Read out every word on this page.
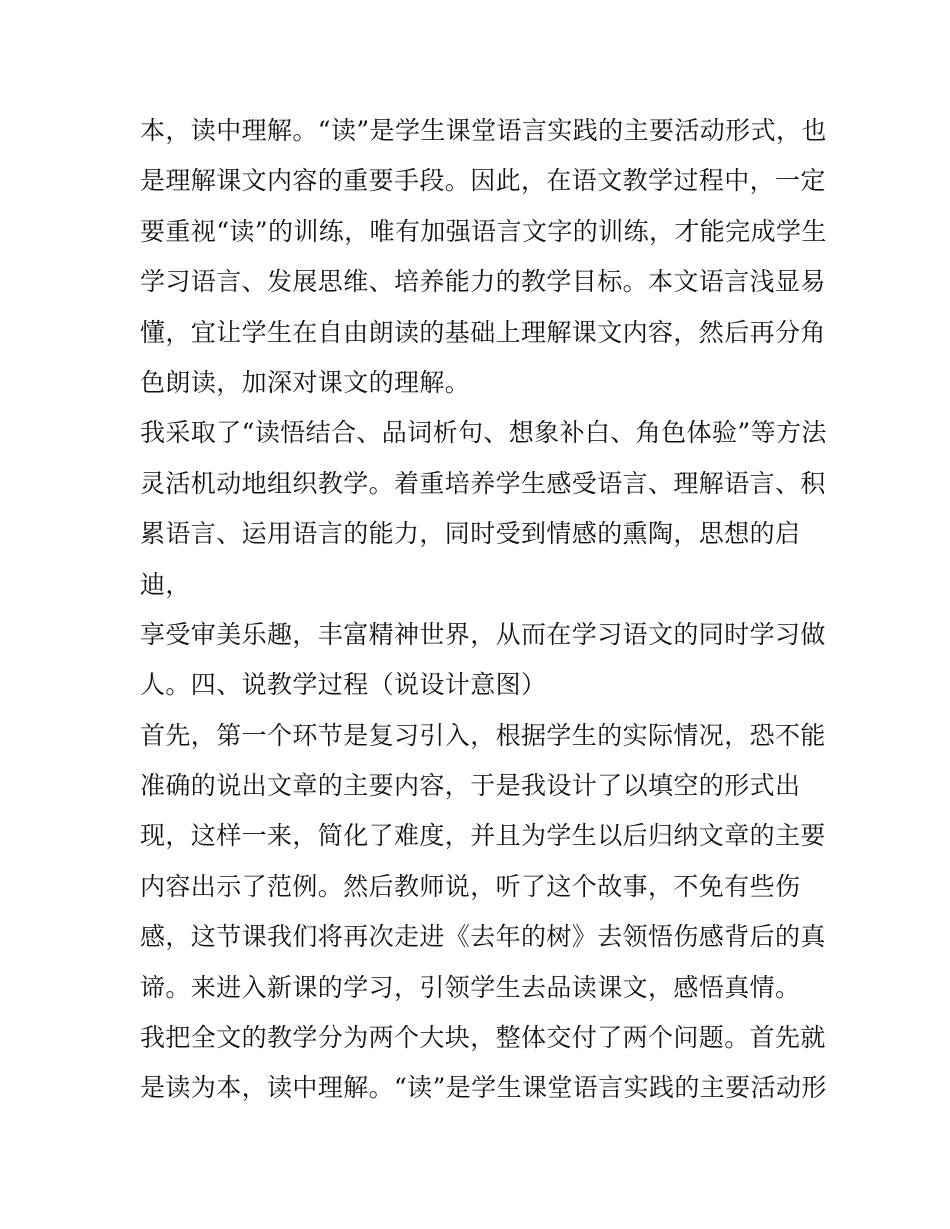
本，读中理解。“读”是学生课堂语言实践的主要活动形式，也
是理解课文内容的重要手段。因此，在语文教学过程中，一定
要重视“读”的训练，唯有加强语言文字的训练，才能完成学生
学习语言、发展思维、培养能力的教学目标。本文语言浅显易
懂，宜让学生在自由朗读的基础上理解课文内容，然后再分角
色朗读，加深对课文的理解。
我采取了“读悟结合、品词析句、想象补白、角色体验”等方法
灵活机动地组织教学。着重培养学生感受语言、理解语言、积
累语言、运用语言的能力，同时受到情感的熏陶，思想的启
迪，
享受审美乐趣，丰富精神世界，从而在学习语文的同时学习做
人。四、说教学过程（说设计意图）
首先，第一个环节是复习引入，根据学生的实际情况，恐不能
准确的说出文章的主要内容，于是我设计了以填空的形式出
现，这样一来，简化了难度，并且为学生以后归纳文章的主要
内容出示了范例。然后教师说，听了这个故事，不免有些伤
感，这节课我们将再次走进《去年的树》去领悟伤感背后的真
谛。来进入新课的学习，引领学生去品读课文，感悟真情。
我把全文的教学分为两个大块，整体交付了两个问题。首先就
是读为本，读中理解。“读”是学生课堂语言实践的主要活动形
